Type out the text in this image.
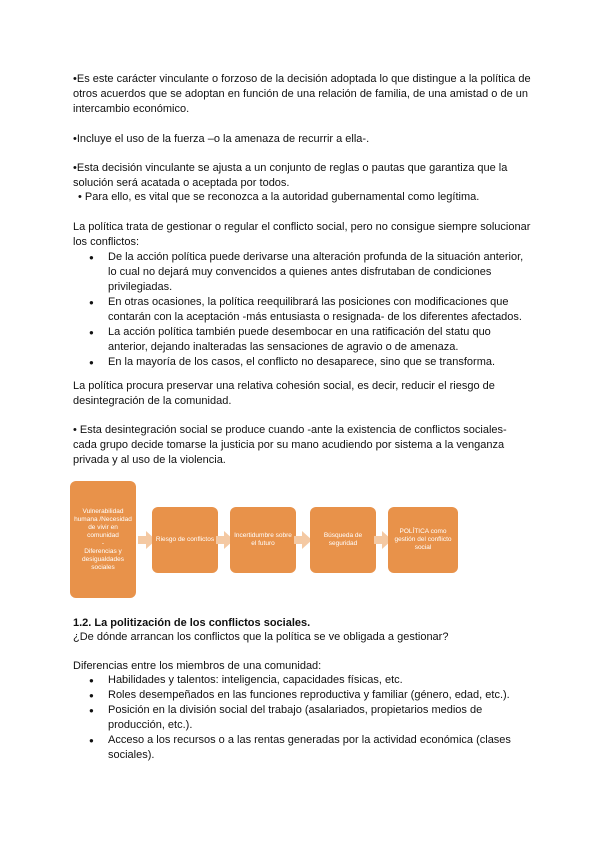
•Es este carácter vinculante o forzoso de la decisión adoptada lo que distingue a la política de otros acuerdos que se adoptan en función de una relación de familia, de una amistad o de un intercambio económico.

•Incluye el uso de la fuerza –o la amenaza de recurrir a ella-.

•Esta decisión vinculante se ajusta a un conjunto de reglas o pautas que garantiza que la solución será acatada o aceptada por todos.

• Para ello, es vital que se reconozca a la autoridad gubernamental como legítima.

La política trata de gestionar o regular el conflicto social, pero no consigue siempre solucionar los conflictos:

● De la acción política puede derivarse una alteración profunda de la situación anterior, lo cual no dejará muy convencidos a quienes antes disfrutaban de condiciones privilegiadas.
● En otras ocasiones, la política reequilibrará las posiciones con modificaciones que contarán con la aceptación -más entusiasta o resignada- de los diferentes afectados.
● La acción política también puede desembocar en una ratificación del statu quo anterior, dejando inalteradas las sensaciones de agravio o de amenaza.
● En la mayoría de los casos, el conflicto no desaparece, sino que se transforma.

La política procura preservar una relativa cohesión social, es decir, reducir el riesgo de desintegración de la comunidad.

• Esta desintegración social se produce cuando -ante la existencia de conflictos sociales- cada grupo decide tomarse la justicia por su mano acudiendo por sistema a la venganza privada y al uso de la violencia.

Vulnerabilidad humana /Necesidad de vivir en comunidad
-
Diferencias y desigualdades sociales
Riesgo de conflictos
Incertidumbre sobre el futuro
Búsqueda de seguridad
POLÍTICA como gestión del conflicto social

1.2. La politización de los conflictos sociales.

¿De dónde arrancan los conflictos que la política se ve obligada a gestionar?

Diferencias entre los miembros de una comunidad:

● Habilidades y talentos: inteligencia, capacidades físicas, etc.
● Roles desempeñados en las funciones reproductiva y familiar (género, edad, etc.).
● Posición en la división social del trabajo (asalariados, propietarios medios de producción, etc.).
● Acceso a los recursos o a las rentas generadas por la actividad económica (clases sociales).
